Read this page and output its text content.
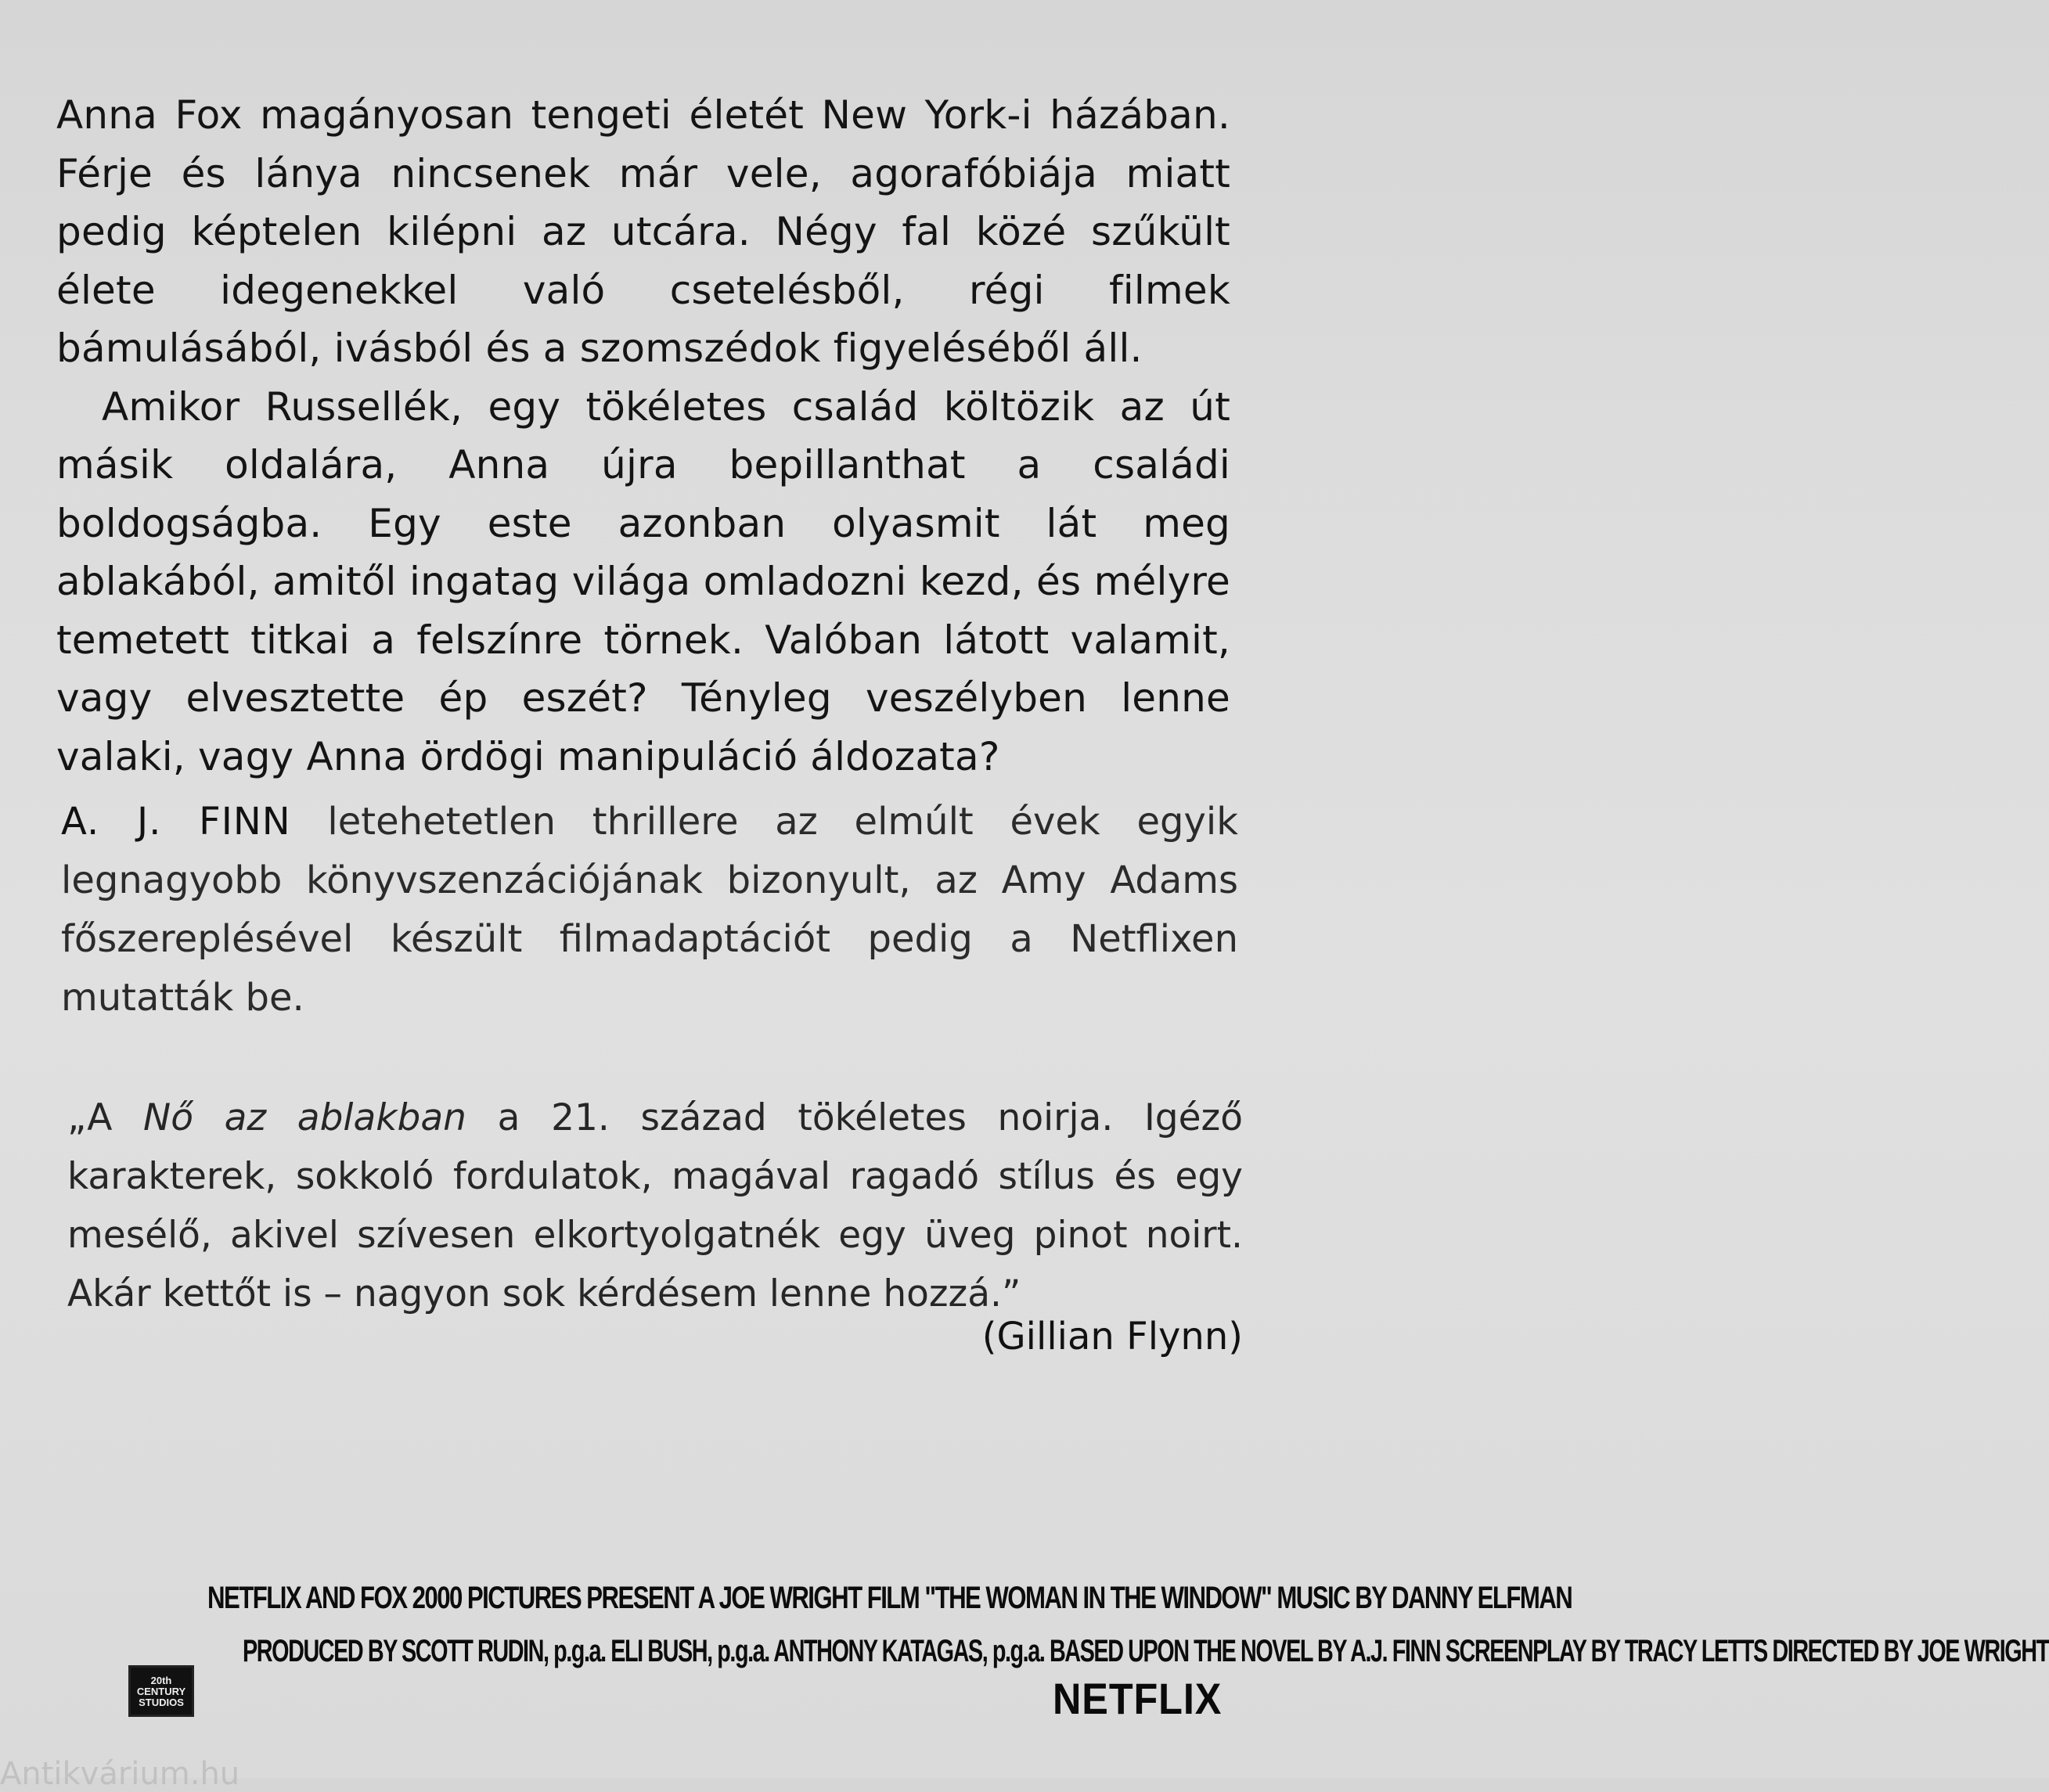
Anna Fox magányosan tengeti életét New York-i házában. Férje és lánya nincsenek már vele, agorafóbiája miatt pedig képtelen kilépni az utcára. Négy fal közé szűkült élete idegenekkel való csetelésből, régi filmek bámulásából, ivásból és a szomszédok figyeléséből áll.

Amikor Russellék, egy tökéletes család költözik az út másik oldalára, Anna újra bepillanthat a családi boldogságba. Egy este azonban olyasmit lát meg ablakából, amitől ingatag világa omladozni kezd, és mélyre temetett titkai a felszínre törnek. Valóban látott valamit, vagy elvesztette ép eszét? Tényleg veszélyben lenne valaki, vagy Anna ördögi manipuláció áldozata?

A. J. FINN letehetetlen thrillere az elmúlt évek egyik legnagyobb könyvszenzációjának bizonyult, az Amy Adams főszereplésével készült filmadaptációt pedig a Netflixen mutatták be.
„A Nő az ablakban a 21. század tökéletes noirja. Igéző karakterek, sokkoló fordulatok, magával ragadó stílus és egy mesélő, akivel szívesen elkortyolgatnék egy üveg pinot noirt. Akár kettőt is – nagyon sok kérdésem lenne hozzá.”
(Gillian Flynn)
NETFLIX AND FOX 2000 PICTURES PRESENT A JOE WRIGHT FILM "THE WOMAN IN THE WINDOW" MUSIC BY DANNY ELFMAN
PRODUCED BY SCOTT RUDIN, p.g.a. ELI BUSH, p.g.a. ANTHONY KATAGAS, p.g.a. BASED UPON THE NOVEL BY A.J. FINN SCREENPLAY BY TRACY LETTS DIRECTED BY JOE WRIGHT
20th CENTURY STUDIOS	NETFLIX
Antikvárium.hu
